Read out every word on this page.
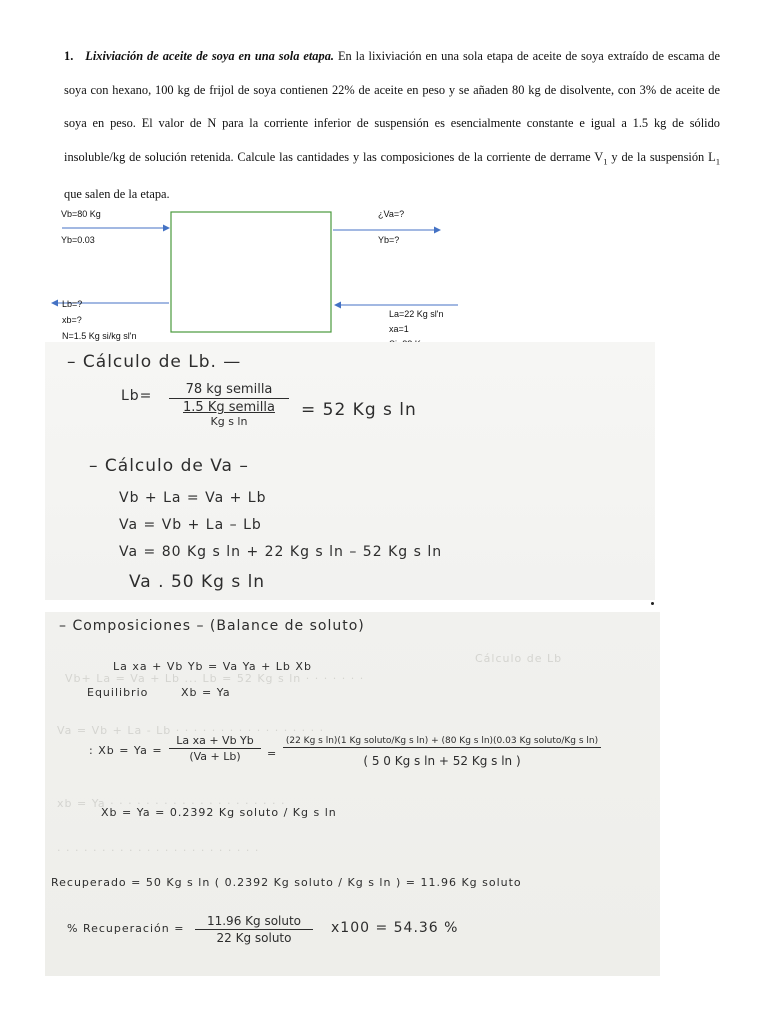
1. Lixiviación de aceite de soya en una sola etapa. En la lixiviación en una sola etapa de aceite de soya extraído de escama de soya con hexano, 100 kg de frijol de soya contienen 22% de aceite en peso y se añaden 80 kg de disolvente, con 3% de aceite de soya en peso. El valor de N para la corriente inferior de suspensión es esencialmente constante e igual a 1.5 kg de sólido insoluble/kg de solución retenida. Calcule las cantidades y las composiciones de la corriente de derrame $V_1$ y de la suspensión $L_1$ que salen de la etapa.
Vb=80 Kg
Yb=0.03
¿Va=?
Yb=?
Lb=?
xb=?
N=1.5 Kg si/kg sl'n
La=22 Kg sl'n
xa=1
– Cálculo de Lb. —
Lb=	78 kg semilla
1.5 Kg semilla
Kg s ln
= 52 Kg s ln
– Cálculo de Va –
Vb + La = Va + Lb
Va = Vb + La – Lb
Va = 80 Kg s ln + 22 Kg s ln – 52 Kg s ln
Va . 50 Kg s ln
Vb+ La = Va + Lb ... Lb = 52 Kg s ln · · · · · · ·
Va = Vb + La - Lb · · · · · · · · · · · · · · · · ·
xb = Ya · · · · · · · · · · · · · · · · · · · ·
· · · · · · · · · · · · · · · · · · · · · · ·
Cálculo de Lb
– Composiciones – (Balance de soluto)
La xa + Vb Yb = Va Ya + Lb Xb
Equilibrio	Xb = Ya
: Xb = Ya =
La xa + Vb Yb
(Va + Lb)	=
(22 Kg s ln)(1 Kg soluto/Kg s ln) + (80 Kg s ln)(0.03 Kg soluto/Kg s ln)
( 5 0 Kg s ln + 52 Kg s ln )
Xb = Ya = 0.2392 Kg soluto / Kg s ln
Recuperado = 50 Kg s ln ( 0.2392 Kg soluto / Kg s ln ) = 11.96 Kg soluto
% Recuperación =
11.96 Kg soluto
22 Kg soluto
x100 = 54.36 %
